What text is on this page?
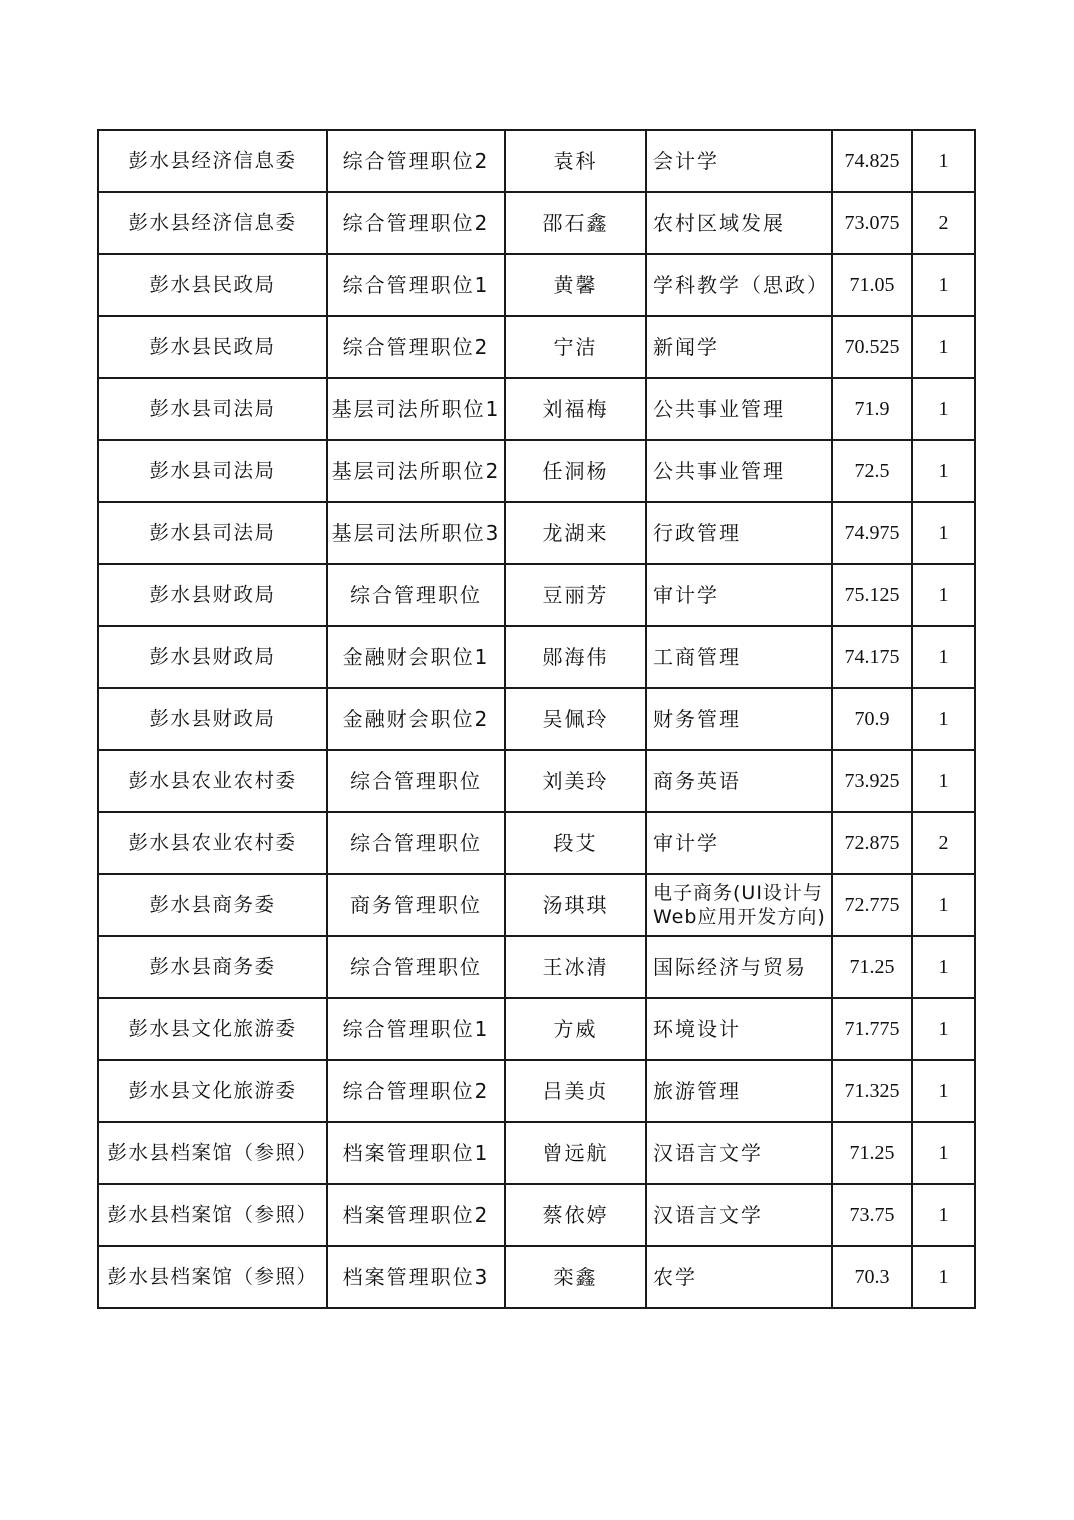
彭水县经济信息委	综合管理职位2	袁科	会计学	74.825	1
彭水县经济信息委	综合管理职位2	邵石鑫	农村区域发展	73.075	2
彭水县民政局	综合管理职位1	黄馨	学科教学（思政）	71.05	1
彭水县民政局	综合管理职位2	宁洁	新闻学	70.525	1
彭水县司法局	基层司法所职位1	刘福梅	公共事业管理	71.9	1
彭水县司法局	基层司法所职位2	任洞杨	公共事业管理	72.5	1
彭水县司法局	基层司法所职位3	龙湖来	行政管理	74.975	1
彭水县财政局	综合管理职位	豆丽芳	审计学	75.125	1
彭水县财政局	金融财会职位1	郧海伟	工商管理	74.175	1
彭水县财政局	金融财会职位2	吴佩玲	财务管理	70.9	1
彭水县农业农村委	综合管理职位	刘美玲	商务英语	73.925	1
彭水县农业农村委	综合管理职位	段艾	审计学	72.875	2
彭水县商务委	商务管理职位	汤琪琪	电子商务(UI设计与Web应用开发方向)	72.775	1
彭水县商务委	综合管理职位	王冰清	国际经济与贸易	71.25	1
彭水县文化旅游委	综合管理职位1	方威	环境设计	71.775	1
彭水县文化旅游委	综合管理职位2	吕美贞	旅游管理	71.325	1
彭水县档案馆（参照）	档案管理职位1	曾远航	汉语言文学	71.25	1
彭水县档案馆（参照）	档案管理职位2	蔡依婷	汉语言文学	73.75	1
彭水县档案馆（参照）	档案管理职位3	栾鑫	农学	70.3	1
